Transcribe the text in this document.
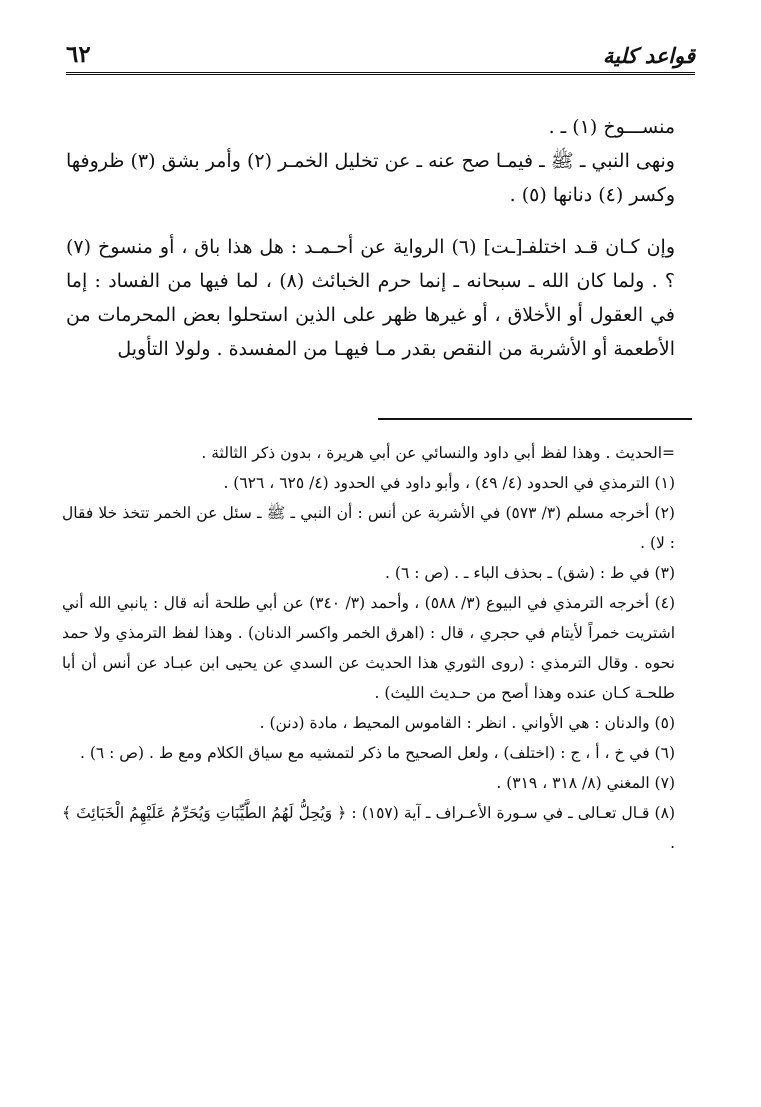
قواعد كلية
٦٢

منســـوخ (١) ـ .

ونهى النبي ـ ﷺ ـ فيمـا صح عنه ـ عن تخليل الخمـر (٢) وأمر بشق (٣) ظروفها وكسر (٤) دنانها (٥) .

وإن كـان قـد اختلفـ[ـت] (٦) الرواية عن أحـمـد : هل هذا باق ، أو منسوخ (٧) ؟ . ولما كان الله ـ سبحانه ـ إنما حرم الخبائث (٨) ، لما فيها من الفساد : إما في العقول أو الأخلاق ، أو غيرها ظهر على الذين استحلوا بعض المحرمات من الأطعمة أو الأشربة من النقص بقدر مـا فيهـا من المفسدة . ولولا التأويل

=الحديث . وهذا لفظ أبي داود والنسائي عن أبي هريرة ، بدون ذكر الثالثة .

(١) الترمذي في الحدود (٤/ ٤٩) ، وأبو داود في الحدود (٤/ ٦٢٥ ، ٦٢٦) .

(٢) أخرجه مسلم (٣/ ٥٧٣) في الأشربة عن أنس : أن النبي ـ ﷺ ـ سئل عن الخمر تتخذ خلا فقال : لا) .

(٣) في ط : (شق) ـ بحذف الباء ـ . (ص : ٦) .

(٤) أخرجه الترمذي في البيوع (٣/ ٥٨٨) ، وأحمد (٣/ ٣٤٠) عن أبي طلحة أنه قال : يانبي الله أني اشتريت خمراً لأيتام في حجري ، قال : (اهرق الخمر واكسر الدنان) . وهذا لفظ الترمذي ولا حمد نحوه . وقال الترمذي : (روى الثوري هذا الحديث عن السدي عن يحيى ابن عبـاد عن أنس أن أبا طلحـة كـان عنده وهذا أصح من حـديث الليث) .

(٥) والدنان : هي الأواني . انظر : القاموس المحيط ، مادة (دنن) .

(٦) في خ ، أ ، ج : (اختلف) ، ولعل الصحيح ما ذكر لتمشيه مع سياق الكلام ومع ط . (ص : ٦) .

(٧) المغني (٨/ ٣١٨ ، ٣١٩) .

(٨) قـال تعـالى ـ في سـورة الأعـراف ـ آية (١٥٧) : ﴿ وَيُحِلُّ لَهُمُ الطَّيِّبَاتِ وَيُحَرِّمُ عَلَيْهِمُ الْخَبَائِثَ ﴾ .
